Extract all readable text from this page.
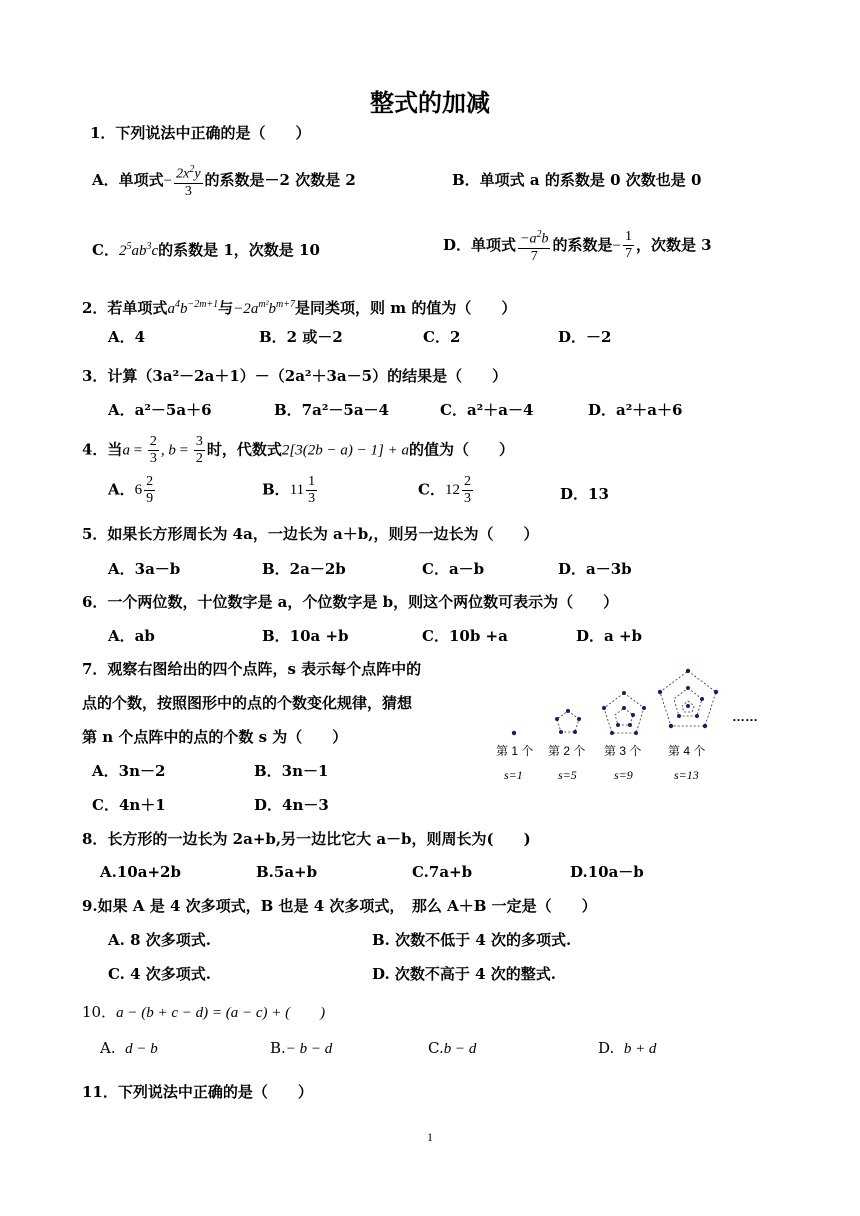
整式的加减
1．下列说法中正确的是（　　）
A．单项式− $\frac{2x^2y}{3}$ 的系数是－2 次数是 2	B．单项式 a 的系数是 0 次数也是 0
C．$2^5ab^3c$的系数是 1，次数是 10	D．单项式 $\frac{-a^2b}{7}$ 的系数是− $\frac{1}{7}$ ，次数是 3
2．若单项式$a^4b^{-2m+1}$与$-2a^{m^2}b^{m+7}$是同类项，则 m 的值为（　　）
A．4	B．2 或－2	C．2	D．－2
3．计算（3a²－2a＋1）－（2a²＋3a－5）的结果是（　　）
A．a²－5a＋6	B．7a²－5a－4	C．a²＋a－4	D．a²＋a＋6
4．当$a = \frac{2}{3}$ , $b = \frac{3}{2}$ 时，代数式2[3(2b − a) − 1] + a的值为（　　）
A．$6 \frac{2}{9}$	B．$11 \frac{1}{3}$	C．$12 \frac{2}{3}$	D．13
5．如果长方形周长为 4a，一边长为 a＋b,，则另一边长为（　　）
A．3a－b	B．2a－2b	C．a－b	D．a－3b
6．一个两位数，十位数字是 a，个位数字是 b，则这个两位数可表示为（　　）
A．ab	B．10a +b	C．10b +a	D．a +b
7．观察右图给出的四个点阵，s 表示每个点阵中的
点的个数，按照图形中的点的个数变化规律，猜想
第 n 个点阵中的点的个数 s 为（　　）
A．3n－2	B．3n－1
C．4n＋1	D．4n－3
……
第 1 个 第 2 个 第 3 个 第 4 个
s=1	s=5	s=9	s=13
8．长方形的一边长为 2a+b,另一边比它大 a－b，则周长为(　　)
A.10a+2b	B.5a+b	C.7a+b	D.10a－b
9.如果 A 是 4 次多项式，B 也是 4 次多项式，　那么 A＋B 一定是（　　）
A. 8 次多项式.	B. 次数不低于 4 次的多项式.
C. 4 次多项式.	D. 次数不高于 4 次的整式.
10．a − (b + c − d) = (a − c) + (　　)
A. d − b	B.− b − d	C.b − d	D. b + d
11．下列说法中正确的是（　　）
1
